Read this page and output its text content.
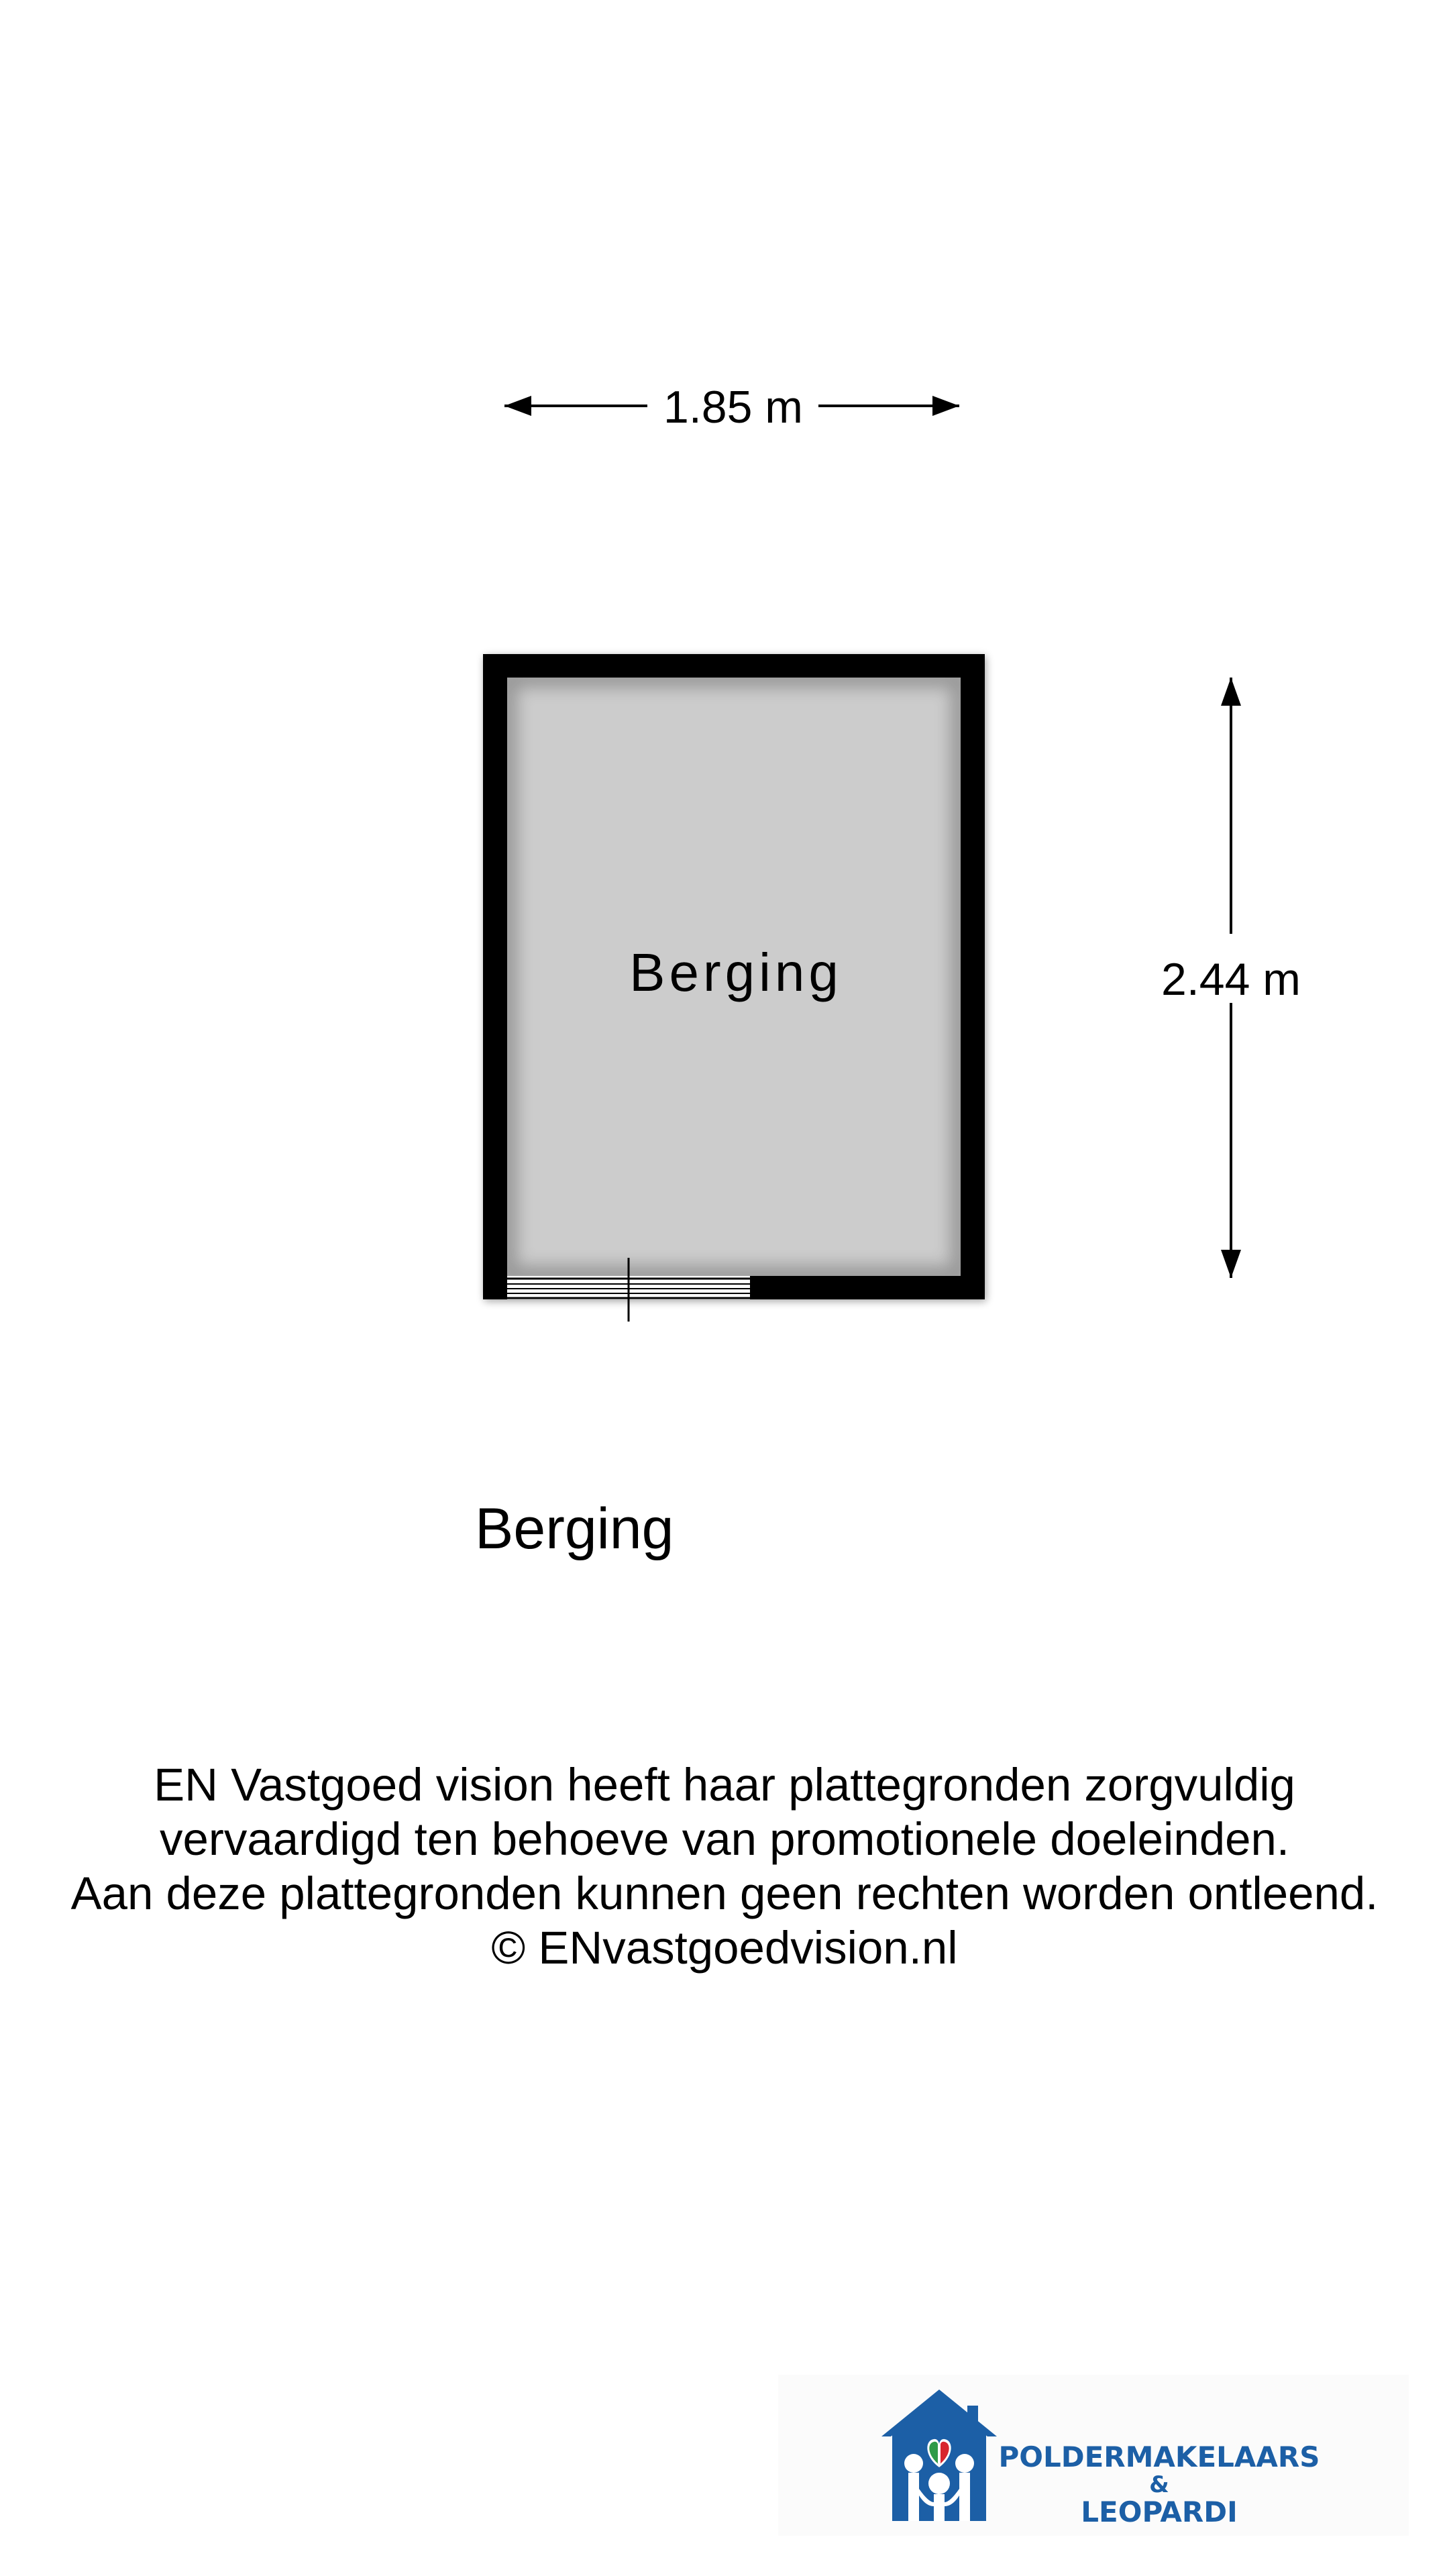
1.85 m
2.44 m
Berging
Berging
EN Vastgoed vision heeft haar plattegronden zorgvuldig
vervaardigd ten behoeve van promotionele doeleinden.
Aan deze plattegronden kunnen geen rechten worden ontleend.
© ENvastgoedvision.nl
POLDERMAKELAARS
&
LEOPARDI
